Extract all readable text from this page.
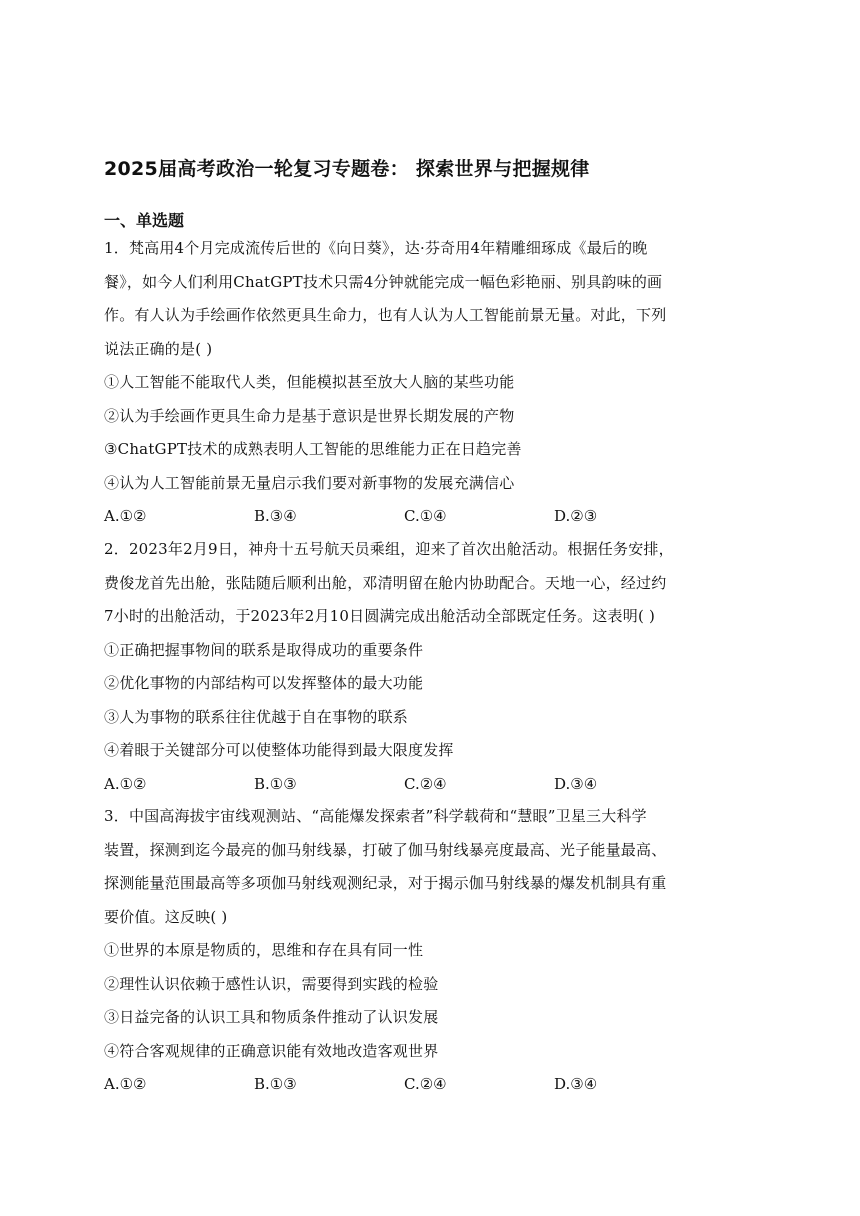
2025届高考政治一轮复习专题卷： 探索世界与把握规律
一、单选题

1．梵高用4个月完成流传后世的《向日葵》，达·芬奇用4年精雕细琢成《最后的晚

餐》，如今人们利用ChatGPT技术只需4分钟就能完成一幅色彩艳丽、别具韵味的画

作。有人认为手绘画作依然更具生命力，也有人认为人工智能前景无量。对此，下列

说法正确的是( )

①人工智能不能取代人类，但能模拟甚至放大人脑的某些功能

②认为手绘画作更具生命力是基于意识是世界长期发展的产物

③ChatGPT技术的成熟表明人工智能的思维能力正在日趋完善

④认为人工智能前景无量启示我们要对新事物的发展充满信心

A.①②	B.③④	C.①④	D.②③

2．2023年2月9日，神舟十五号航天员乘组，迎来了首次出舱活动。根据任务安排，

费俊龙首先出舱，张陆随后顺利出舱，邓清明留在舱内协助配合。天地一心，经过约

7小时的出舱活动，于2023年2月10日圆满完成出舱活动全部既定任务。这表明( )

①正确把握事物间的联系是取得成功的重要条件

②优化事物的内部结构可以发挥整体的最大功能

③人为事物的联系往往优越于自在事物的联系

④着眼于关键部分可以使整体功能得到最大限度发挥

A.①②	B.①③	C.②④	D.③④

3．中国高海拔宇宙线观测站、“高能爆发探索者”科学载荷和“慧眼”卫星三大科学

装置，探测到迄今最亮的伽马射线暴，打破了伽马射线暴亮度最高、光子能量最高、

探测能量范围最高等多项伽马射线观测纪录，对于揭示伽马射线暴的爆发机制具有重

要价值。这反映( )

①世界的本原是物质的，思维和存在具有同一性

②理性认识依赖于感性认识，需要得到实践的检验

③日益完备的认识工具和物质条件推动了认识发展

④符合客观规律的正确意识能有效地改造客观世界

A.①②	B.①③	C.②④	D.③④
